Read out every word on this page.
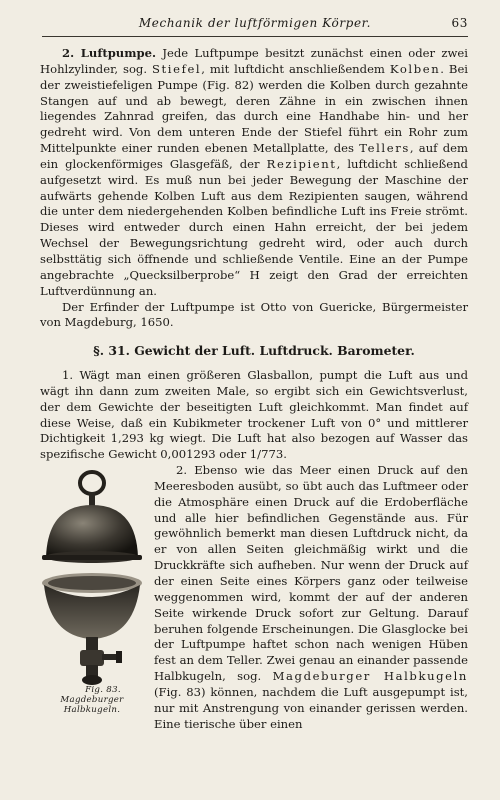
Mechanik der luftförmigen Körper.	63

2. Luftpumpe. Jede Luftpumpe besitzt zunächst einen oder zwei Hohlzylinder, sog. Stiefel, mit luftdicht anschließendem Kolben. Bei der zweistiefeligen Pumpe (Fig. 82) werden die Kolben durch gezahnte Stangen auf und ab bewegt, deren Zähne in ein zwischen ihnen liegendes Zahnrad greifen, das durch eine Handhabe hin- und her gedreht wird. Von dem unteren Ende der Stiefel führt ein Rohr zum Mittelpunkte einer runden ebenen Metallplatte, des Tellers, auf dem ein glockenförmiges Glasgefäß, der Rezipient, luftdicht schließend aufgesetzt wird. Es muß nun bei jeder Bewegung der Maschine der aufwärts gehende Kolben Luft aus dem Rezipienten saugen, während die unter dem niedergehenden Kolben befindliche Luft ins Freie strömt. Dieses wird entweder durch einen Hahn erreicht, der bei jedem Wechsel der Bewegungsrichtung gedreht wird, oder auch durch selbsttätig sich öffnende und schließende Ventile. Eine an der Pumpe angebrachte „Quecksilberprobe“ H zeigt den Grad der erreichten Luftverdünnung an.

Der Erfinder der Luftpumpe ist Otto von Guericke, Bürgermeister von Magdeburg, 1650.

§. 31. Gewicht der Luft. Luftdruck. Barometer.

1. Wägt man einen größeren Glasballon, pumpt die Luft aus und wägt ihn dann zum zweiten Male, so ergibt sich ein Gewichtsverlust, der dem Gewichte der beseitigten Luft gleichkommt. Man findet auf diese Weise, daß ein Kubikmeter trockener Luft von 0° und mittlerer Dichtigkeit 1,293 kg wiegt. Die Luft hat also bezogen auf Wasser das spezifische Gewicht 0,001293 oder 1/773.

Fig. 83. Magdeburger
Halbkugeln.
2. Ebenso wie das Meer einen Druck auf den Meeresboden ausübt, so übt auch das Luftmeer oder die Atmosphäre einen Druck auf die Erdoberfläche und alle hier befindlichen Gegenstände aus. Für gewöhnlich bemerkt man diesen Luftdruck nicht, da er von allen Seiten gleichmäßig wirkt und die Druckkräfte sich aufheben. Nur wenn der Druck auf der einen Seite eines Körpers ganz oder teilweise weggenommen wird, kommt der auf der anderen Seite wirkende Druck sofort zur Geltung. Darauf beruhen folgende Erscheinungen. Die Glasglocke bei der Luftpumpe haftet schon nach wenigen Hüben fest an dem Teller. Zwei genau an einander passende Halbkugeln, sog. Magdeburger Halbkugeln (Fig. 83) können, nachdem die Luft ausgepumpt ist, nur mit Anstrengung von einander gerissen werden. Eine tierische über einen
